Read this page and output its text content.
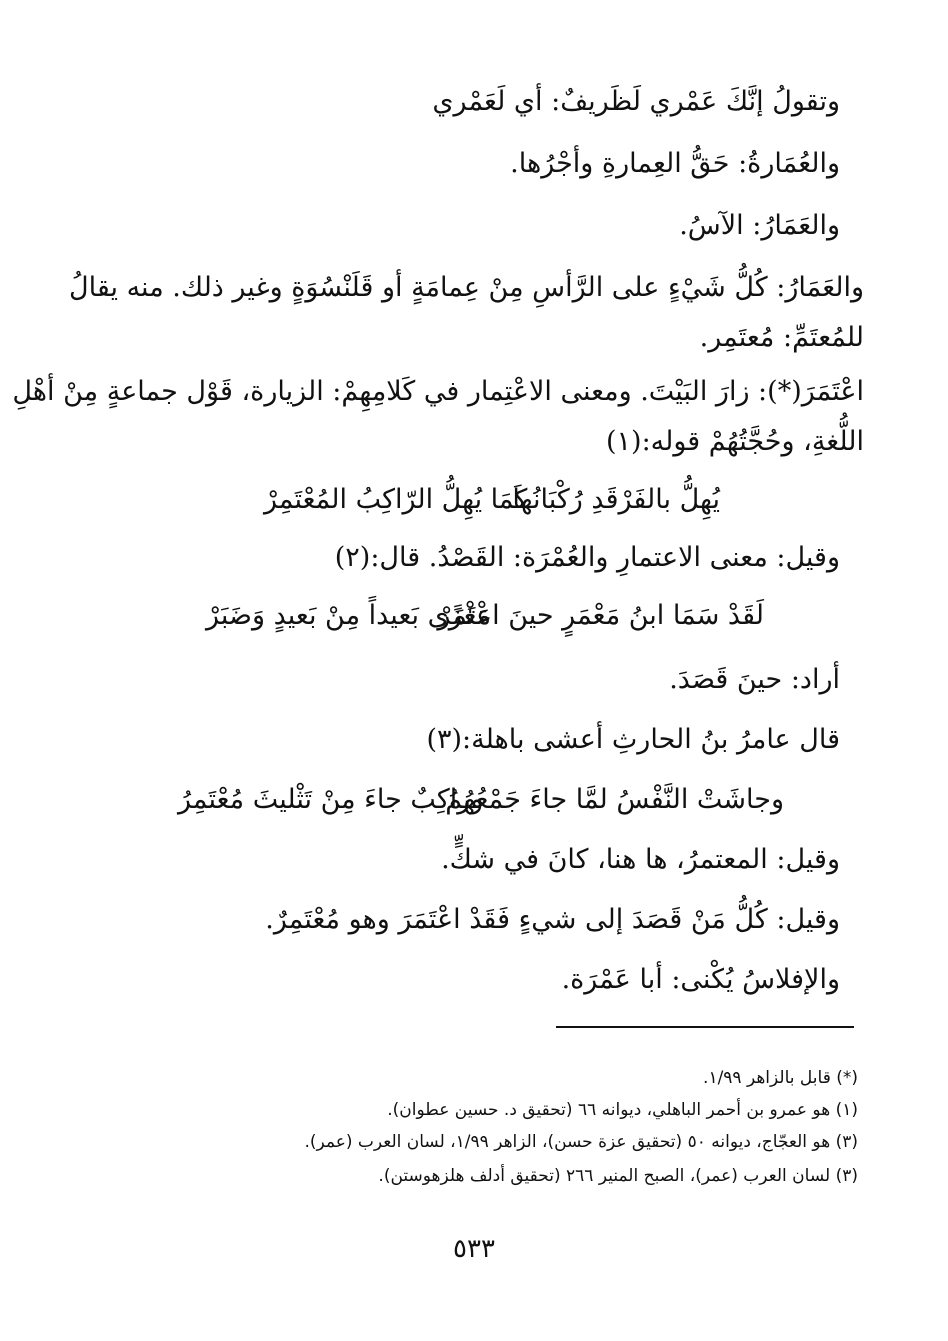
وتقولُ إنَّكَ عَمْري لَظَريفٌ: أي لَعَمْري
والعُمَارةُ: حَقُّ العِمارةِ وأجْرُها.
والعَمَارُ: الآسُ.
والعَمَارُ: كُلُّ شَيْءٍ على الرَّأسِ مِنْ عِمامَةٍ أو قَلَنْسُوَةٍ وغير ذلك. منه يقالُ
للمُعتَمِّ: مُعتَمِر.
اعْتَمَرَ(*): زارَ البَيْتَ. ومعنى الاعْتِمار في كَلامِهِمْ: الزيارة، قَوْل جماعةٍ مِنْ أهْلِ
اللُّغةِ، وحُجَّتُهُمْ قوله:(١)
يُهِلُّ بالفَرْقَدِ رُكْبَانُها
كَمَا يُهِلُّ الرّاكِبُ المُعْتَمِرْ
وقيل: معنى الاعتمارِ والعُمْرَة: القَصْدُ. قال:(٢)
لَقَدْ سَمَا ابنُ مَعْمَرٍ حينَ اعْتَمَرْ
مَغْزًى بَعيداً مِنْ بَعيدٍ وَضَبَرْ
أراد: حينَ قَصَدَ.
قال عامرُ بنُ الحارثِ أعشى باهلة:(٣)
وجاشَتْ النَّفْسُ لمَّا جاءَ جَمْعُهُمُ
وراكِبٌ جاءَ مِنْ تَثْليثَ مُعْتَمِرُ
وقيل: المعتمرُ، ها هنا، كانَ في شكٍّ.
وقيل: كُلُّ مَنْ قَصَدَ إلى شيءٍ فَقَدْ اعْتَمَرَ وهو مُعْتَمِرٌ.
والإفلاسُ يُكْنى: أبا عَمْرَة.
(*) قابل بالزاهر ١/٩٩.
(١) هو عمرو بن أحمر الباهلي، ديوانه ٦٦ (تحقيق د. حسين عطوان).
(٣) هو العجّاج، ديوانه ٥٠ (تحقيق عزة حسن)، الزاهر ١/٩٩، لسان العرب (عمر).
(٣) لسان العرب (عمر)، الصبح المنير ٢٦٦ (تحقيق أدلف هلزهوستن).
٥٣٣
